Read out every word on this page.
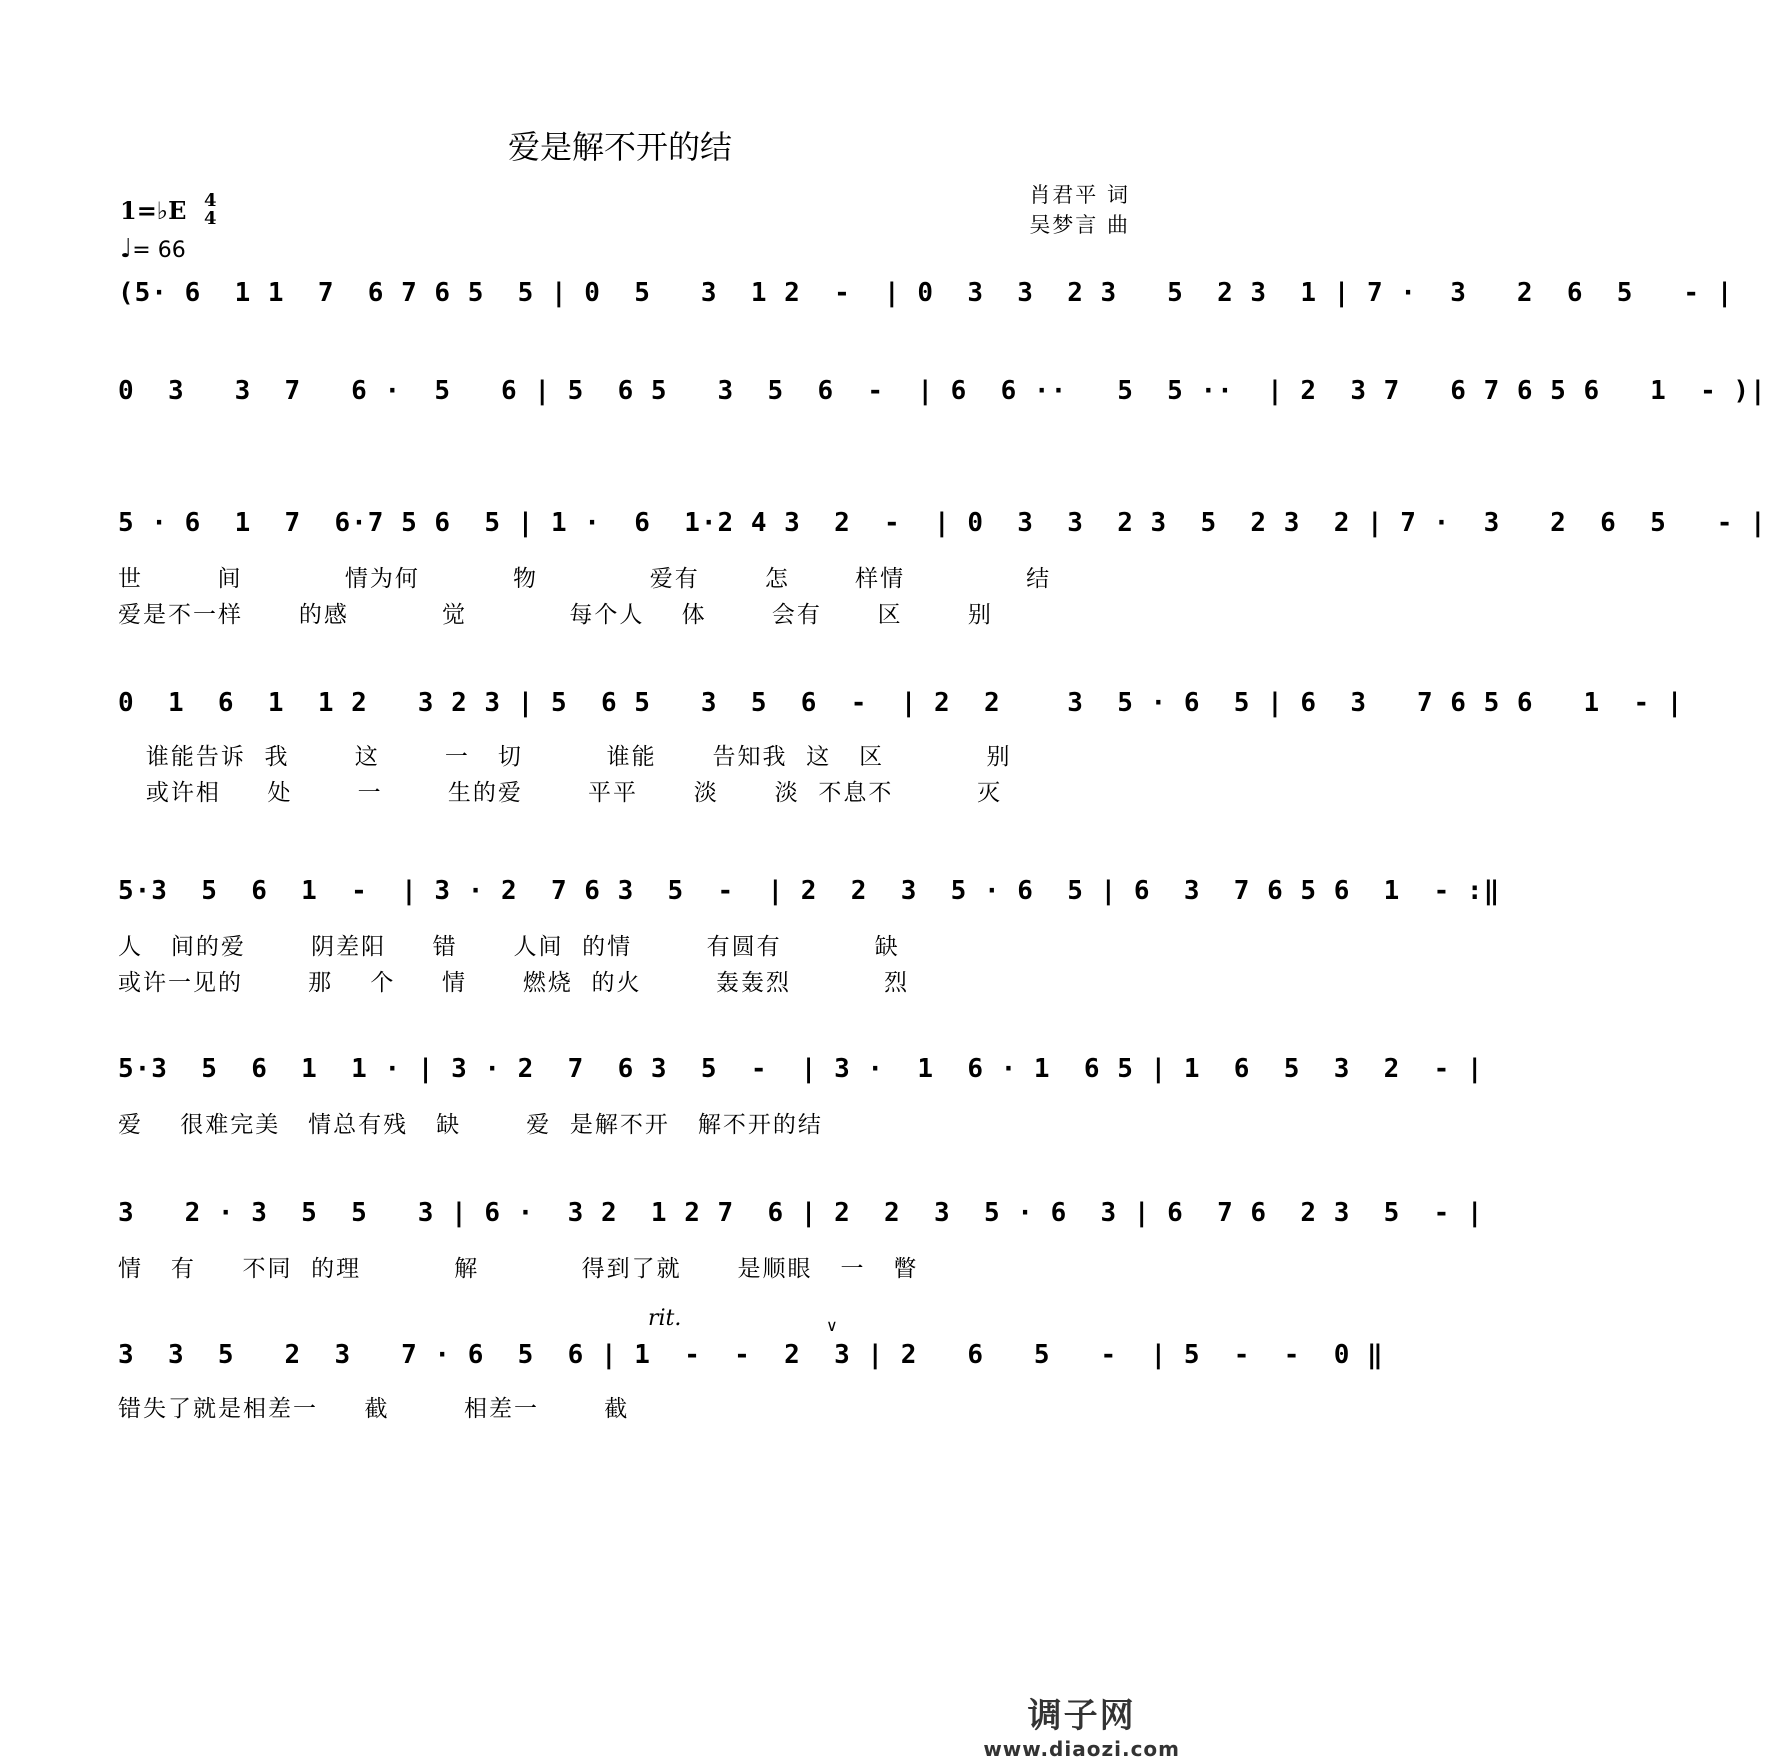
爱是解不开的结
肖君平 词
吴梦言 曲
1=♭E 4
4
♩= 66
(5· 6  1 1  7  6 7 6 5  5 | 0  5   3  1 2  -  | 0  3  3  2 3   5  2 3  1 | 7 ·  3   2  6  5   - |
0  3   3  7   6 ·  5   6 | 5  6 5   3  5  6  -  | 6  6 ··   5  5 ··  | 2  3 7   6 7 6 5 6   1  - )|
5 · 6  1  7  6·7 5 6  5 | 1 ·  6  1·2 4 3  2  -  | 0  3  3  2 3  5  2 3  2 | 7 ·  3   2  6  5   - |
世        间           情为何          物            爱有       怎       样情             结
爱是不一样      的感          觉           每个人    体       会有      区       别
0  1  6  1  1 2   3 2 3 | 5  6 5   3  5  6  -  | 2  2    3  5 · 6  5 | 6  3   7 6 5 6   1  - |
谁能告诉  我       这       一   切         谁能      告知我  这   区           别
或许相     处       一       生的爱       平平      淡      淡  不息不         灭
5·3  5  6  1  -  | 3 · 2  7 6 3  5  -  | 2  2  3  5 · 6  5 | 6  3  7 6 5 6  1  - :‖
人   间的爱       阴差阳     错      人间  的情        有圆有          缺
或许一见的       那    个     情      燃烧  的火        轰轰烈          烈
5·3  5  6  1  1 · | 3 · 2  7  6 3  5  -  | 3 ·  1  6 · 1  6 5 | 1  6  5  3  2  - |
爱    很难完美   情总有残   缺       爱  是解不开   解不开的结
3   2 · 3  5  5   3 | 6 ·  3 2  1 2 7  6 | 2  2  3  5 · 6  3 | 6  7 6  2 3  5  - |
情   有     不同  的理          解           得到了就      是顺眼   一   瞥
rit.	∨
3  3  5   2  3   7 · 6  5  6 | 1  -  -  2  3 | 2   6   5   -  | 5  -  -  0 ‖
错失了就是相差一     截        相差一       截
调子网
www.diaozi.com
